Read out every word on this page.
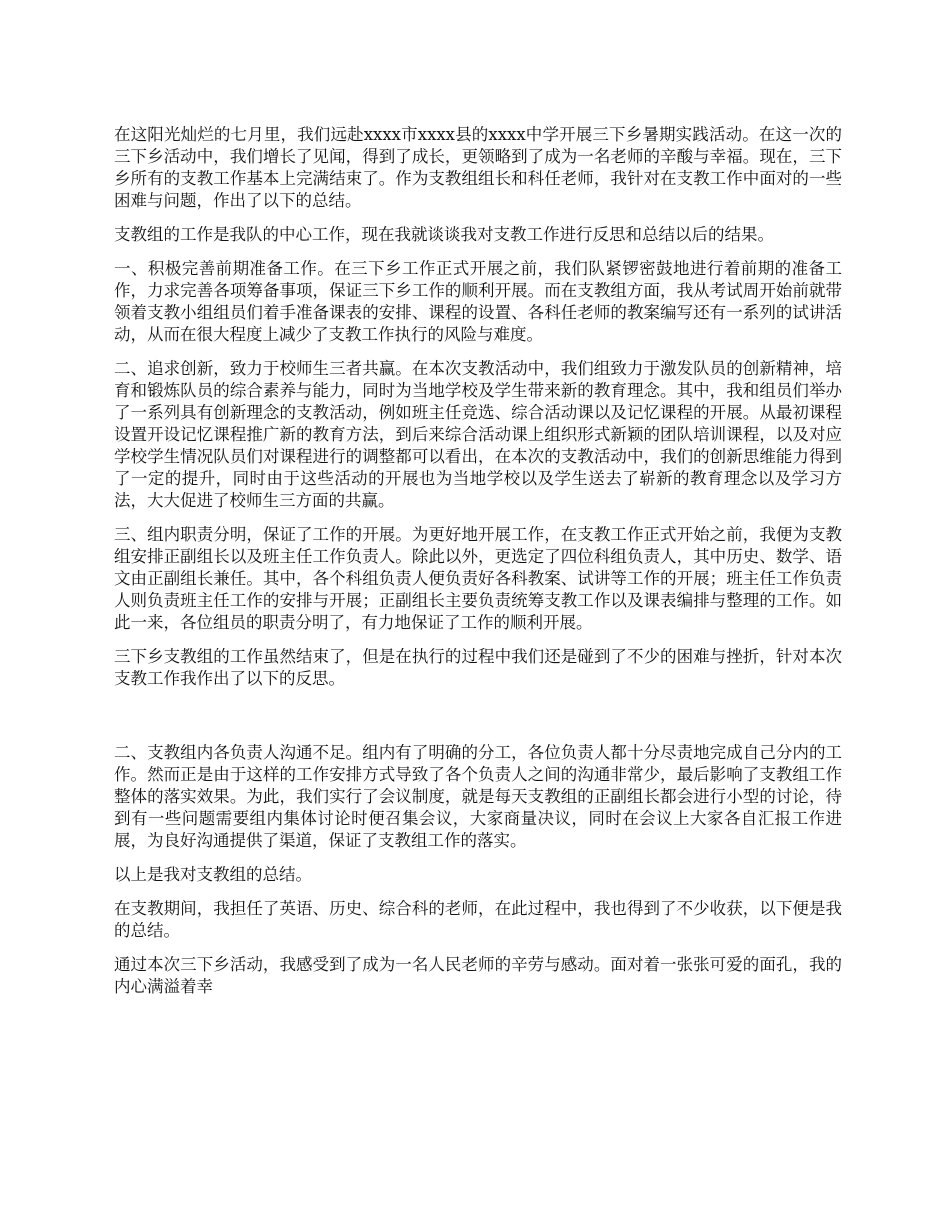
在这阳光灿烂的七月里，我们远赴xxxx市xxxx县的xxxx中学开展三下乡暑期实践活动。在这一次的三下乡活动中，我们增长了见闻，得到了成长，更领略到了成为一名老师的辛酸与幸福。现在，三下乡所有的支教工作基本上完满结束了。作为支教组组长和科任老师，我针对在支教工作中面对的一些困难与问题，作出了以下的总结。

支教组的工作是我队的中心工作，现在我就谈谈我对支教工作进行反思和总结以后的结果。

一、积极完善前期准备工作。在三下乡工作正式开展之前，我们队紧锣密鼓地进行着前期的准备工作，力求完善各项筹备事项，保证三下乡工作的顺利开展。而在支教组方面，我从考试周开始前就带领着支教小组组员们着手准备课表的安排、课程的设置、各科任老师的教案编写还有一系列的试讲活动，从而在很大程度上减少了支教工作执行的风险与难度。

二、追求创新，致力于校师生三者共赢。在本次支教活动中，我们组致力于激发队员的创新精神，培育和锻炼队员的综合素养与能力，同时为当地学校及学生带来新的教育理念。其中，我和组员们举办了一系列具有创新理念的支教活动，例如班主任竞选、综合活动课以及记忆课程的开展。从最初课程设置开设记忆课程推广新的教育方法，到后来综合活动课上组织形式新颖的团队培训课程，以及对应学校学生情况队员们对课程进行的调整都可以看出，在本次的支教活动中，我们的创新思维能力得到了一定的提升，同时由于这些活动的开展也为当地学校以及学生送去了崭新的教育理念以及学习方法，大大促进了校师生三方面的共赢。

三、组内职责分明，保证了工作的开展。为更好地开展工作，在支教工作正式开始之前，我便为支教组安排正副组长以及班主任工作负责人。除此以外，更选定了四位科组负责人，其中历史、数学、语文由正副组长兼任。其中，各个科组负责人便负责好各科教案、试讲等工作的开展；班主任工作负责人则负责班主任工作的安排与开展；正副组长主要负责统筹支教工作以及课表编排与整理的工作。如此一来，各位组员的职责分明了，有力地保证了工作的顺利开展。

三下乡支教组的工作虽然结束了，但是在执行的过程中我们还是碰到了不少的困难与挫折，针对本次支教工作我作出了以下的反思。

二、支教组内各负责人沟通不足。组内有了明确的分工，各位负责人都十分尽责地完成自己分内的工作。然而正是由于这样的工作安排方式导致了各个负责人之间的沟通非常少，最后影响了支教组工作整体的落实效果。为此，我们实行了会议制度，就是每天支教组的正副组长都会进行小型的讨论，待到有一些问题需要组内集体讨论时便召集会议，大家商量决议，同时在会议上大家各自汇报工作进展，为良好沟通提供了渠道，保证了支教组工作的落实。

以上是我对支教组的总结。

在支教期间，我担任了英语、历史、综合科的老师，在此过程中，我也得到了不少收获，以下便是我的总结。

通过本次三下乡活动，我感受到了成为一名人民老师的辛劳与感动。面对着一张张可爱的面孔，我的内心满溢着幸
